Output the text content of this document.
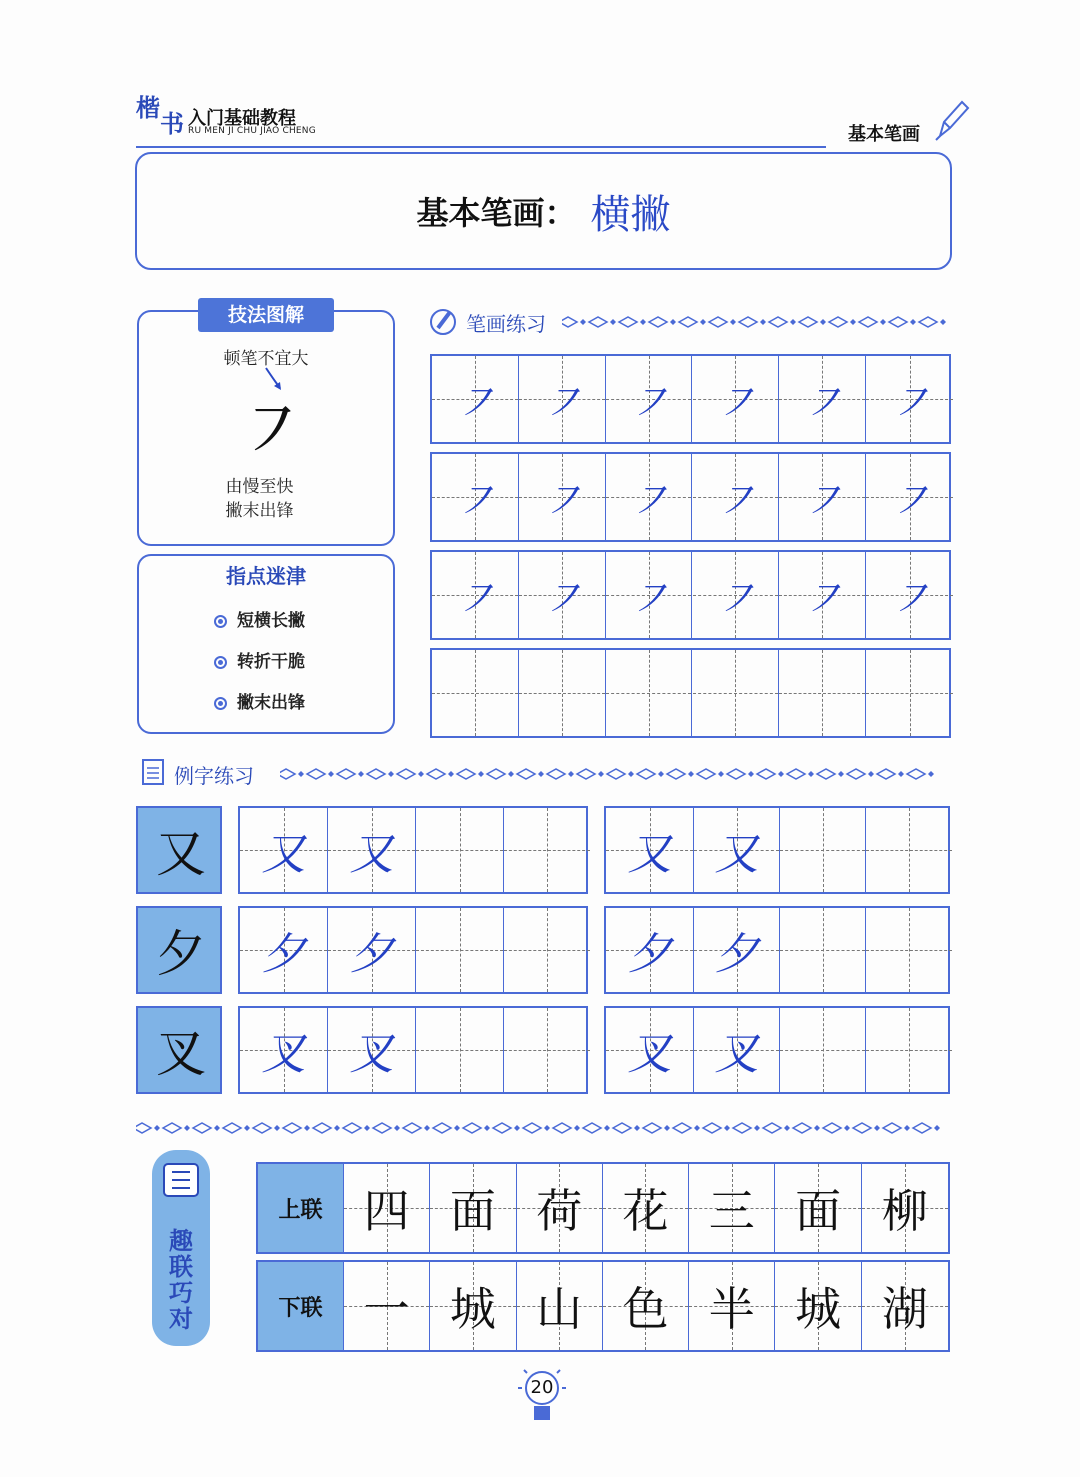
楷
书 入门基础教程
RU MEN JI CHU JIAO CHENG	基本笔画
基本笔画： 横撇
技法图解
顿笔不宜大
㇇
由慢至快
撇末出锋
指点迷津
短横长撇
转折干脆
撇末出锋
笔画练习
㇇ ㇇ ㇇ ㇇ ㇇ ㇇
㇇ ㇇ ㇇ ㇇ ㇇ ㇇
㇇ ㇇ ㇇ ㇇ ㇇ ㇇
例字练习
又 又 又	又 又
夕 夕 夕	夕 夕
叉 叉 叉	叉 叉
趣联巧对
上联 四 面 荷 花 三 面 柳
下联 一 城 山 色 半 城 湖
20
